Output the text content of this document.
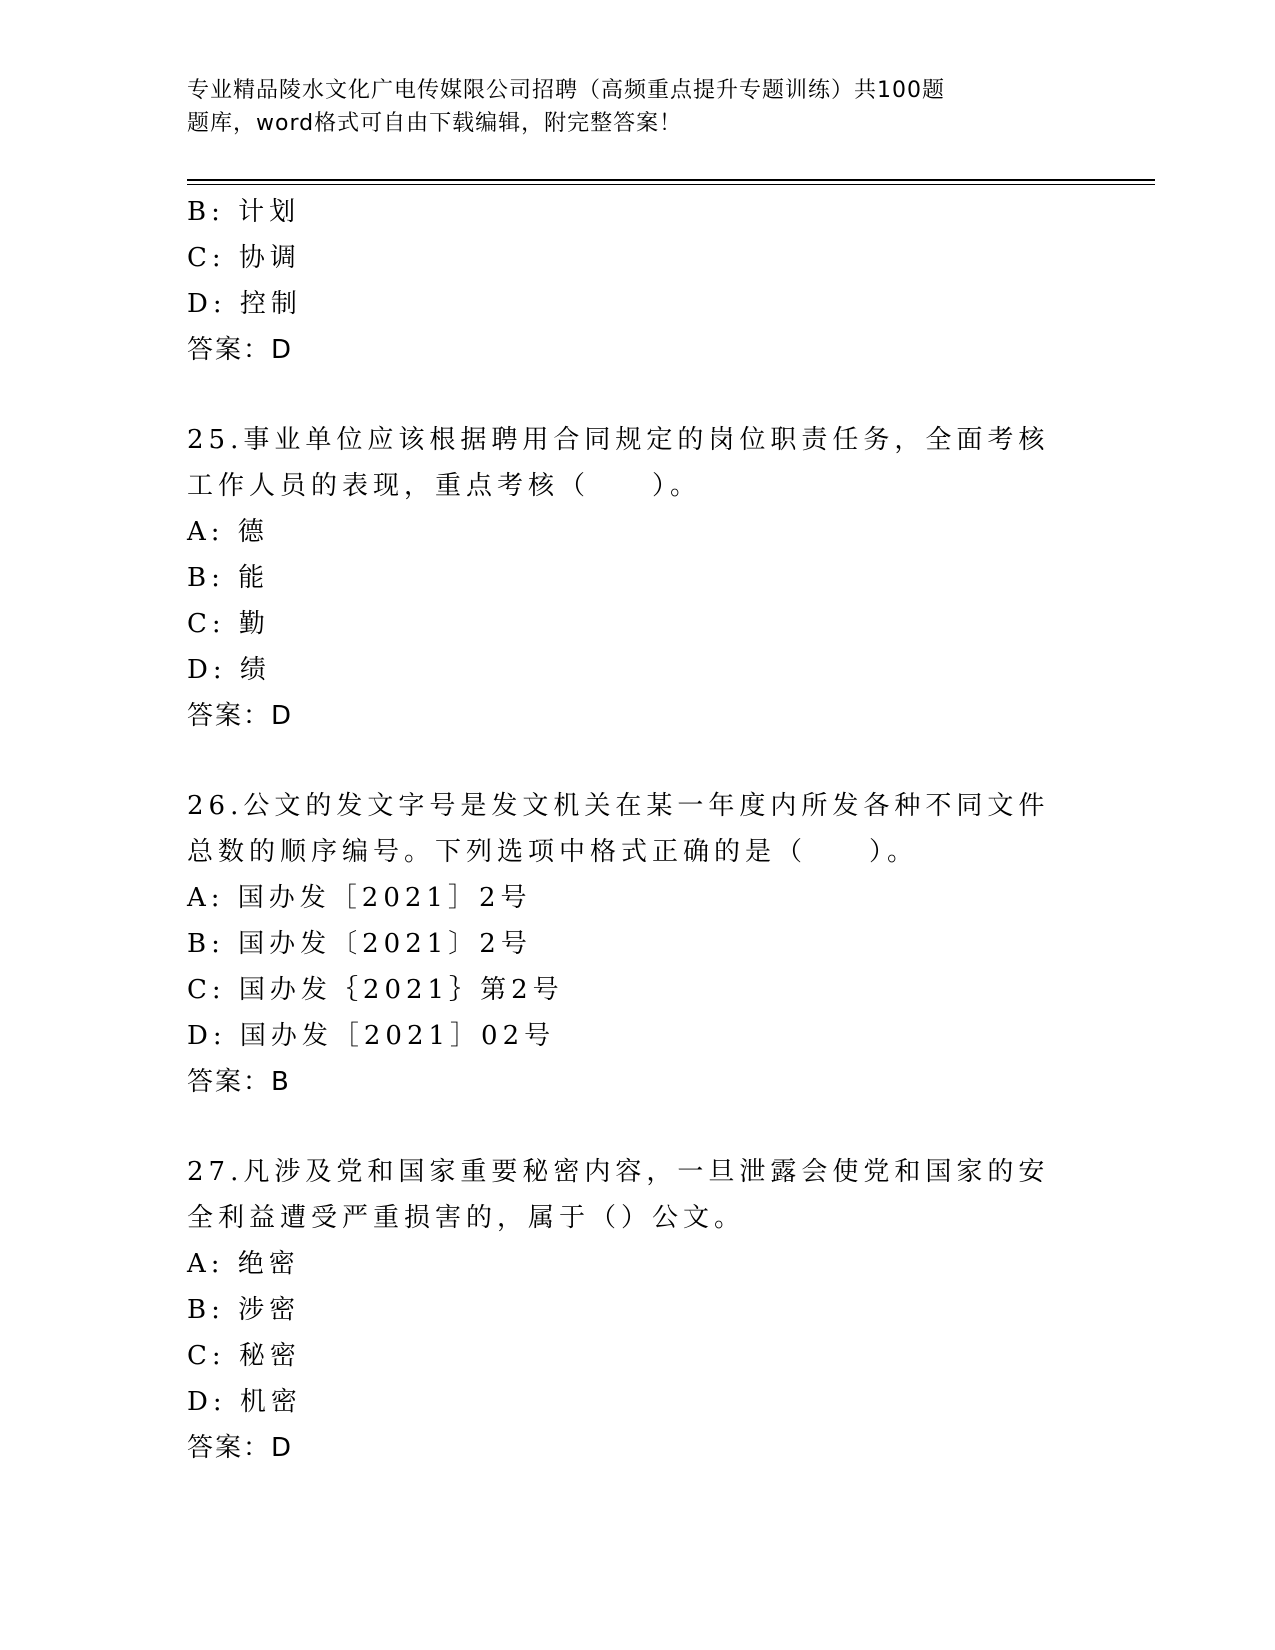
专业精品陵水文化广电传媒限公司招聘（高频重点提升专题训练）共100题
题库，word格式可自由下载编辑，附完整答案！
B: 计划
C: 协调
D: 控制
答案：D
25.事业单位应该根据聘用合同规定的岗位职责任务，全面考核工作人员的表现，重点考核（　　）。
A: 德
B: 能
C: 勤
D: 绩
答案：D
26.公文的发文字号是发文机关在某一年度内所发各种不同文件总数的顺序编号。下列选项中格式正确的是（　　）。
A: 国办发［2021］2号
B: 国办发〔2021〕2号
C: 国办发｛2021｝第2号
D: 国办发［2021］02号
答案：B
27.凡涉及党和国家重要秘密内容，一旦泄露会使党和国家的安全利益遭受严重损害的，属于（）公文。
A: 绝密
B: 涉密
C: 秘密
D: 机密
答案：D
